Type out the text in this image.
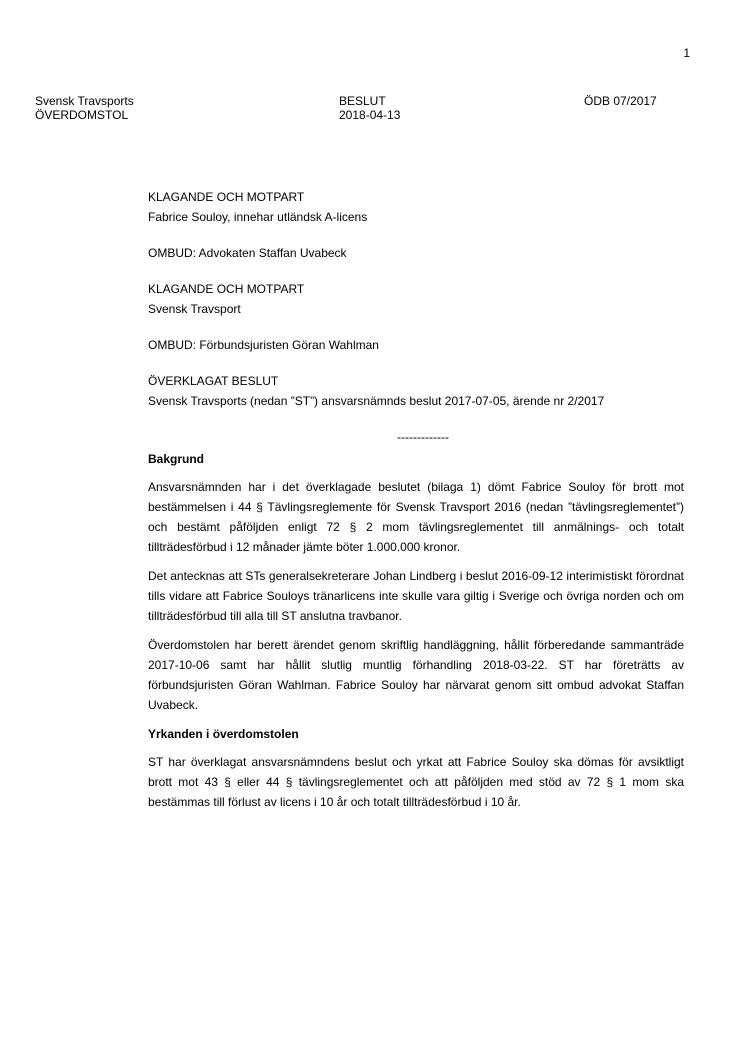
1
Svensk Travsports
ÖVERDOMSTOL
BESLUT
2018-04-13
ÖDB 07/2017
KLAGANDE OCH MOTPART
Fabrice Souloy, innehar utländsk A-licens
OMBUD: Advokaten Staffan Uvabeck
KLAGANDE OCH MOTPART
Svensk Travsport
OMBUD: Förbundsjuristen Göran Wahlman
ÖVERKLAGAT BESLUT
Svensk Travsports (nedan ”ST”) ansvarsnämnds beslut 2017-07-05, ärende nr 2/2017
-------------
Bakgrund

Ansvarsnämnden har i det överklagade beslutet (bilaga 1) dömt Fabrice Souloy för brott mot bestämmelsen i 44 § Tävlingsreglemente för Svensk Travsport 2016 (nedan ”tävlingsreglementet”) och bestämt påföljden enligt 72 § 2 mom tävlingsreglementet till anmälnings- och totalt tillträdesförbud i 12 månader jämte böter 1.000.000 kronor.

Det antecknas att STs generalsekreterare Johan Lindberg i beslut 2016-09-12 interimistiskt förordnat tills vidare att Fabrice Souloys tränarlicens inte skulle vara giltig i Sverige och övriga norden och om tillträdesförbud till alla till ST anslutna travbanor.

Överdomstolen har berett ärendet genom skriftlig handläggning, hållit förberedande sammanträde 2017-10-06 samt har hållit slutlig muntlig förhandling 2018-03-22. ST har företrätts av förbundsjuristen Göran Wahlman. Fabrice Souloy har närvarat genom sitt ombud advokat Staffan Uvabeck.

Yrkanden i överdomstolen

ST har överklagat ansvarsnämndens beslut och yrkat att Fabrice Souloy ska dömas för avsiktligt brott mot 43 § eller 44 § tävlingsreglementet och att påföljden med stöd av 72 § 1 mom ska bestämmas till förlust av licens i 10 år och totalt tillträdesförbud i 10 år.
